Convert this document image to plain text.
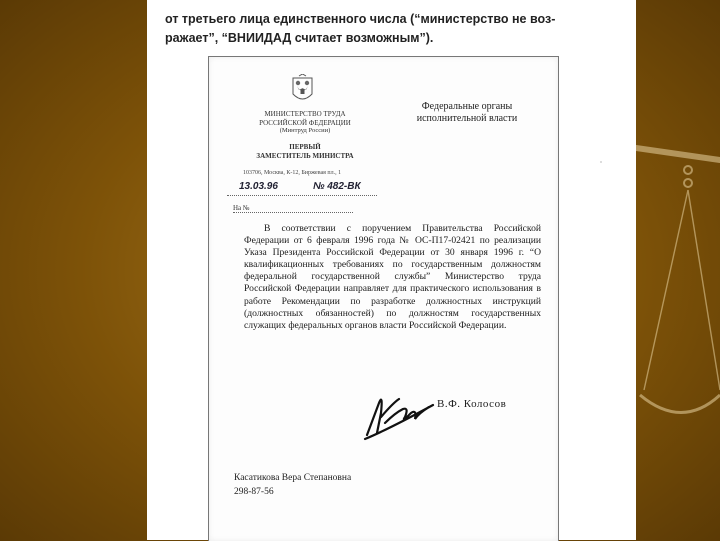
от третьего лица единственного числа (“министерство не воз-
ражает”, “ВНИИДАД считает возможным”).
МИНИСТЕРСТВО ТРУДА
РОССИЙСКОЙ ФЕДЕРАЦИИ
(Минтруд России)
ПЕРВЫЙ
ЗАМЕСТИТЕЛЬ МИНИСТРА
103706, Москва, К-12, Биржевая пл., 1
13.03.96	№ 482-ВК
На №
Федеральные органы
исполнительной власти
В соответствии с поручением Правительства Российской Федерации от 6 февраля 1996 года № ОС-П17-02421 по реализации Указа Президента Российской Федерации от 30 января 1996 г. “О квалификационных требованиях по государственным должностям федеральной государственной службы” Министерство труда Российской Федерации направляет для практического использования в работе Рекомендации по разработке должностных инструкций (должностных обязанностей) по должностям государственных служащих федеральных органов власти Российской Федерации.
В.Ф. Колосов
Касатикова Вера Степановна
298-87-56
